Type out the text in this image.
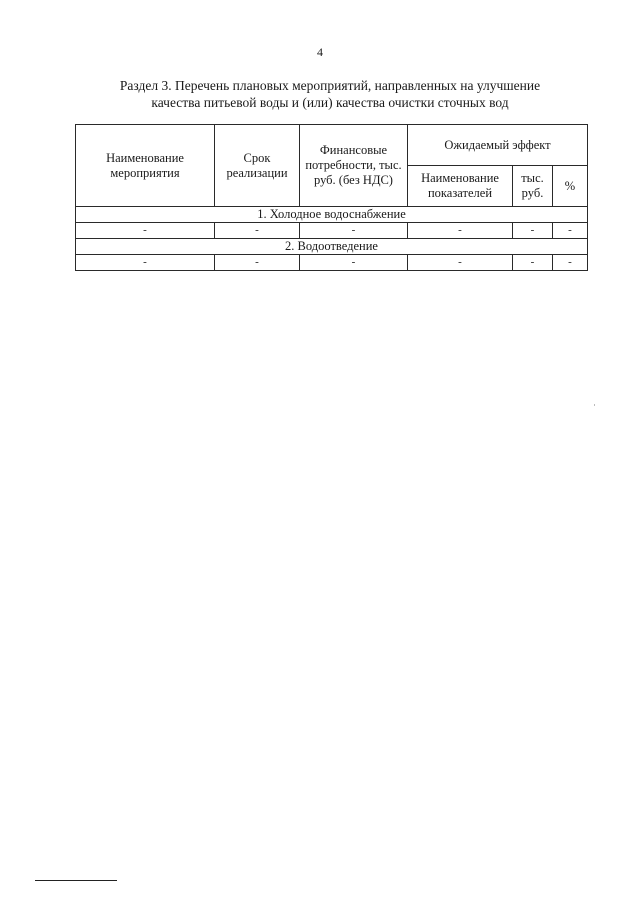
4
Раздел 3. Перечень плановых мероприятий, направленных на улучшение
качества питьевой воды и (или) качества очистки сточных вод
Наименование мероприятия	Срок реализации	Финансовые потребности, тыс. руб. (без НДС)	Ожидаемый эффект		
			Наименование показателей	тыс. руб.	%
1. Холодное водоснабжение					
-	-	-	-	-	-
2. Водоотведение					
-	-	-	-	-	-
